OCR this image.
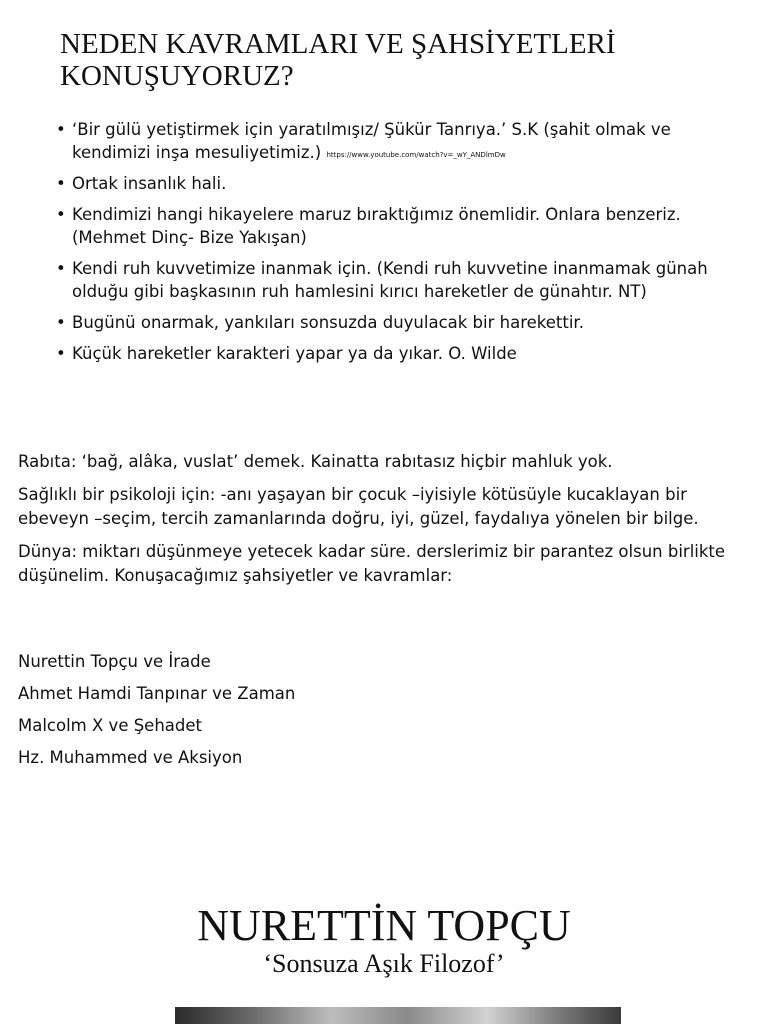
NEDEN KAVRAMLARI VE ŞAHSİYETLERİ KONUŞUYORUZ?
• ‘Bir gülü yetiştirmek için yaratılmışız/ Şükür Tanrıya.’ S.K (şahit olmak ve kendimizi inşa mesuliyetimiz.) https://www.youtube.com/watch?v=_wY_ANDlmDw
• Ortak insanlık hali.
• Kendimizi hangi hikayelere maruz bıraktığımız önemlidir. Onlara benzeriz. (Mehmet Dinç- Bize Yakışan)
• Kendi ruh kuvvetimize inanmak için. (Kendi ruh kuvvetine inanmamak günah olduğu gibi başkasının ruh hamlesini kırıcı hareketler de günahtır. NT)
• Bugünü onarmak, yankıları sonsuzda duyulacak bir harekettir.
• Küçük hareketler karakteri yapar ya da yıkar. O. Wilde

Rabıta: ‘bağ, alâka, vuslat’ demek. Kainatta rabıtasız hiçbir mahluk yok.

Sağlıklı bir psikoloji için: -anı yaşayan bir çocuk –iyisiyle kötüsüyle kucaklayan bir ebeveyn –seçim, tercih zamanlarında doğru, iyi, güzel, faydalıya yönelen bir bilge.

Dünya: miktarı düşünmeye yetecek kadar süre. derslerimiz bir parantez olsun birlikte düşünelim. Konuşacağımız şahsiyetler ve kavramlar:

Nurettin Topçu ve İrade
Ahmet Hamdi Tanpınar ve Zaman
Malcolm X ve Şehadet
Hz. Muhammed ve Aksiyon
NURETTİN TOPÇU
‘Sonsuza Aşık Filozof’
